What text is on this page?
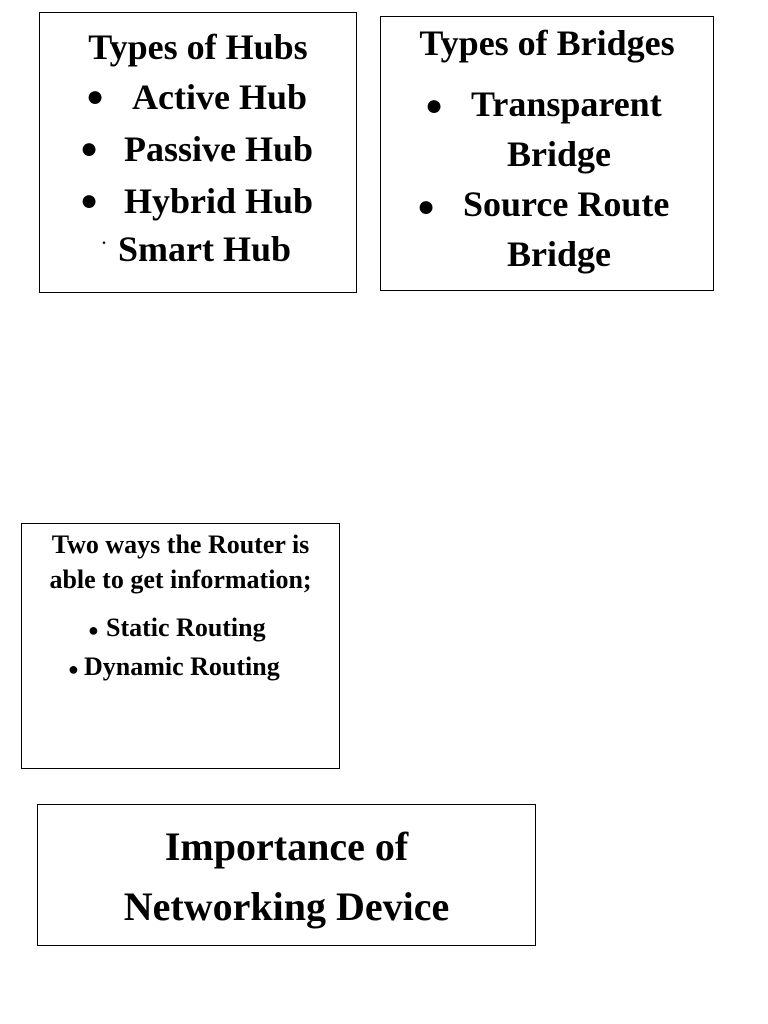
Types of Hubs
● Active Hub
● Passive Hub
● Hybrid Hub
. Smart Hub
Types of Bridges
● Transparent
Bridge
● Source Route
Bridge
Two ways the Router is
able to get information;
● Static Routing
● Dynamic Routing
Importance of
Networking Device
